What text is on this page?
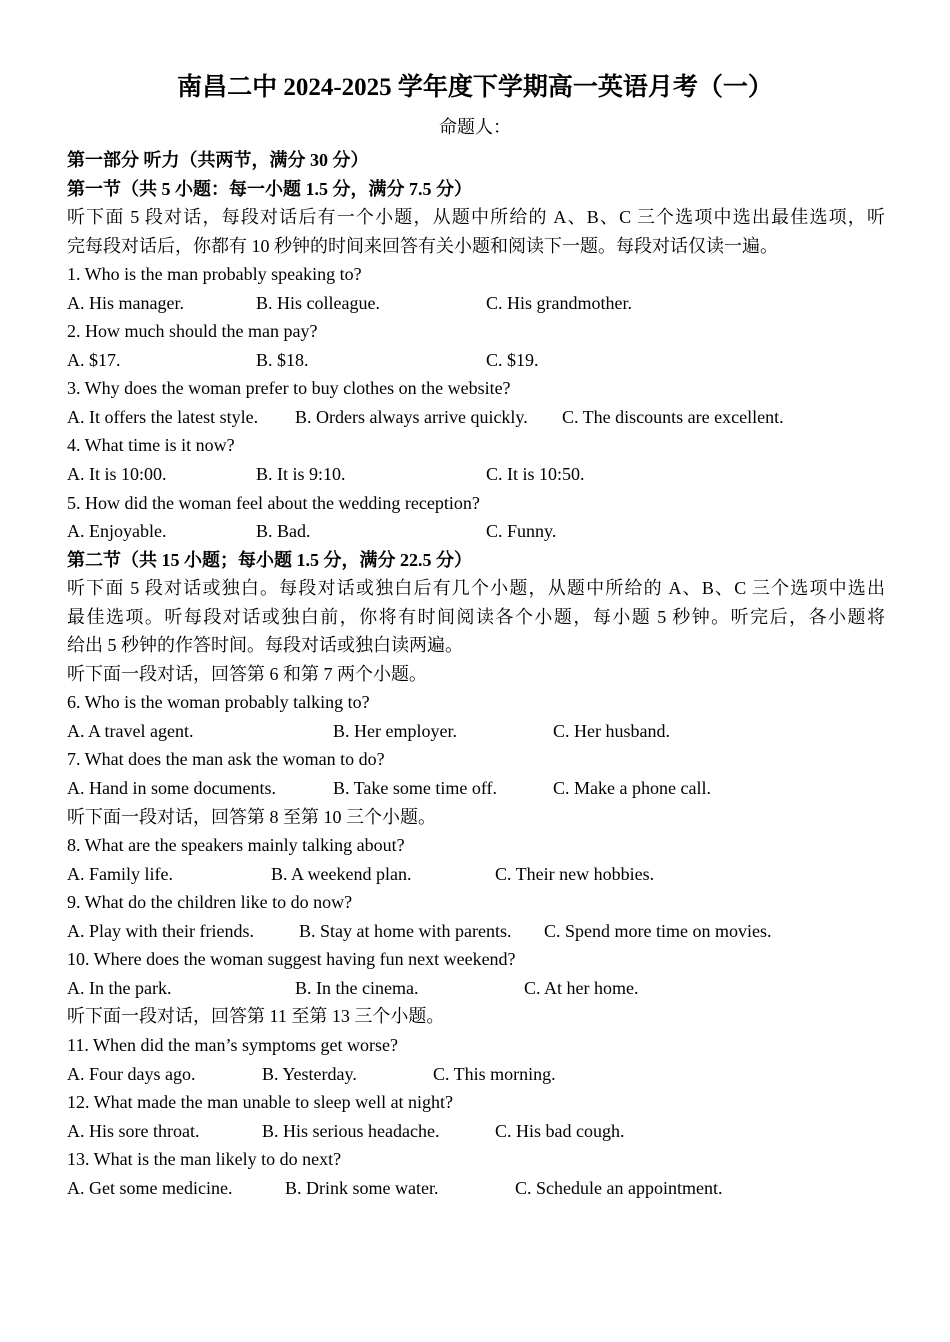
南昌二中 2024-2025 学年度下学期高一英语月考（一）
命题人：
第一部分 听力（共两节，满分 30 分）
第一节（共 5 小题：每一小题 1.5 分，满分 7.5 分）
听下面 5 段对话，每段对话后有一个小题，从题中所给的 A、B、C 三个选项中选出最佳选项，听
完每段对话后，你都有 10 秒钟的时间来回答有关小题和阅读下一题。每段对话仅读一遍。
1. Who is the man probably speaking to?
A. His manager.	B. His colleague.	C. His grandmother.
2. How much should the man pay?
A. $17.	B. $18.	C. $19.
3. Why does the woman prefer to buy clothes on the website?
A. It offers the latest style. B. Orders always arrive quickly. C. The discounts are excellent.
4. What time is it now?
A. It is 10:00.	B. It is 9:10.	C. It is 10:50.
5. How did the woman feel about the wedding reception?
A. Enjoyable.	B. Bad.	C. Funny.
第二节（共 15 小题；每小题 1.5 分，满分 22.5 分）
听下面 5 段对话或独白。每段对话或独白后有几个小题，从题中所给的 A、B、C 三个选项中选出
最佳选项。听每段对话或独白前，你将有时间阅读各个小题，每小题 5 秒钟。听完后，各小题将
给出 5 秒钟的作答时间。每段对话或独白读两遍。
听下面一段对话，回答第 6 和第 7 两个小题。
6. Who is the woman probably talking to?
A. A travel agent.	B. Her employer.	C. Her husband.
7. What does the man ask the woman to do?
A. Hand in some documents.	B. Take some time off.	C. Make a phone call.
听下面一段对话，回答第 8 至第 10 三个小题。
8. What are the speakers mainly talking about?
A. Family life.	B. A weekend plan.	C. Their new hobbies.
9. What do the children like to do now?
A. Play with their friends.	B. Stay at home with parents. C. Spend more time on movies.
10. Where does the woman suggest having fun next weekend?
A. In the park.	B. In the cinema.	C. At her home.
听下面一段对话，回答第 11 至第 13 三个小题。
11. When did the man’s symptoms get worse?
A. Four days ago.	B. Yesterday.	C. This morning.
12. What made the man unable to sleep well at night?
A. His sore throat.	B. His serious headache.	C. His bad cough.
13. What is the man likely to do next?
A. Get some medicine.	B. Drink some water.	C. Schedule an appointment.
